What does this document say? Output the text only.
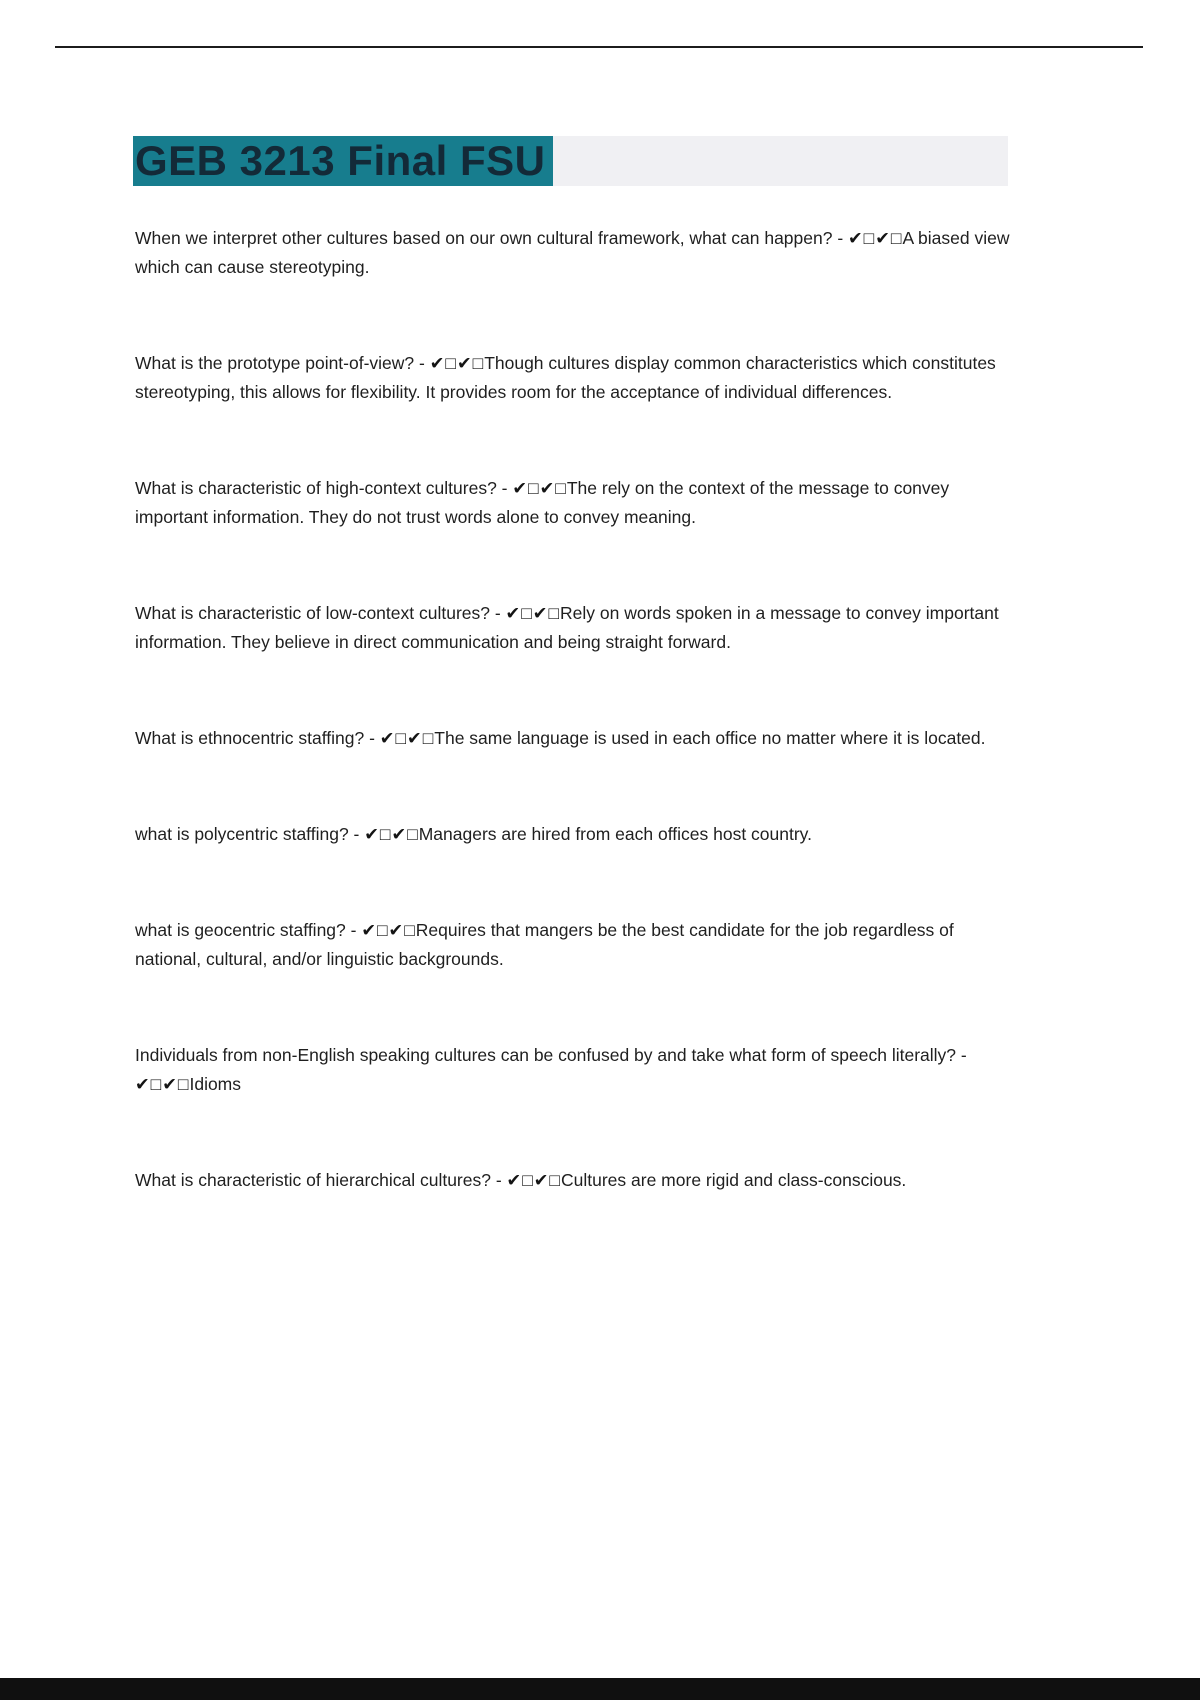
GEB 3213 Final FSU

When we interpret other cultures based on our own cultural framework, what can happen? - ✔□✔□A biased view which can cause stereotyping.

What is the prototype point-of-view? - ✔□✔□Though cultures display common characteristics which constitutes stereotyping, this allows for flexibility. It provides room for the acceptance of individual differences.

What is characteristic of high-context cultures? - ✔□✔□The rely on the context of the message to convey important information. They do not trust words alone to convey meaning.

What is characteristic of low-context cultures? - ✔□✔□Rely on words spoken in a message to convey important information. They believe in direct communication and being straight forward.

What is ethnocentric staffing? - ✔□✔□The same language is used in each office no matter where it is located.

what is polycentric staffing? - ✔□✔□Managers are hired from each offices host country.

what is geocentric staffing? - ✔□✔□Requires that mangers be the best candidate for the job regardless of national, cultural, and/or linguistic backgrounds.

Individuals from non-English speaking cultures can be confused by and take what form of speech literally? - ✔□✔□Idioms

What is characteristic of hierarchical cultures? - ✔□✔□Cultures are more rigid and class-conscious.
